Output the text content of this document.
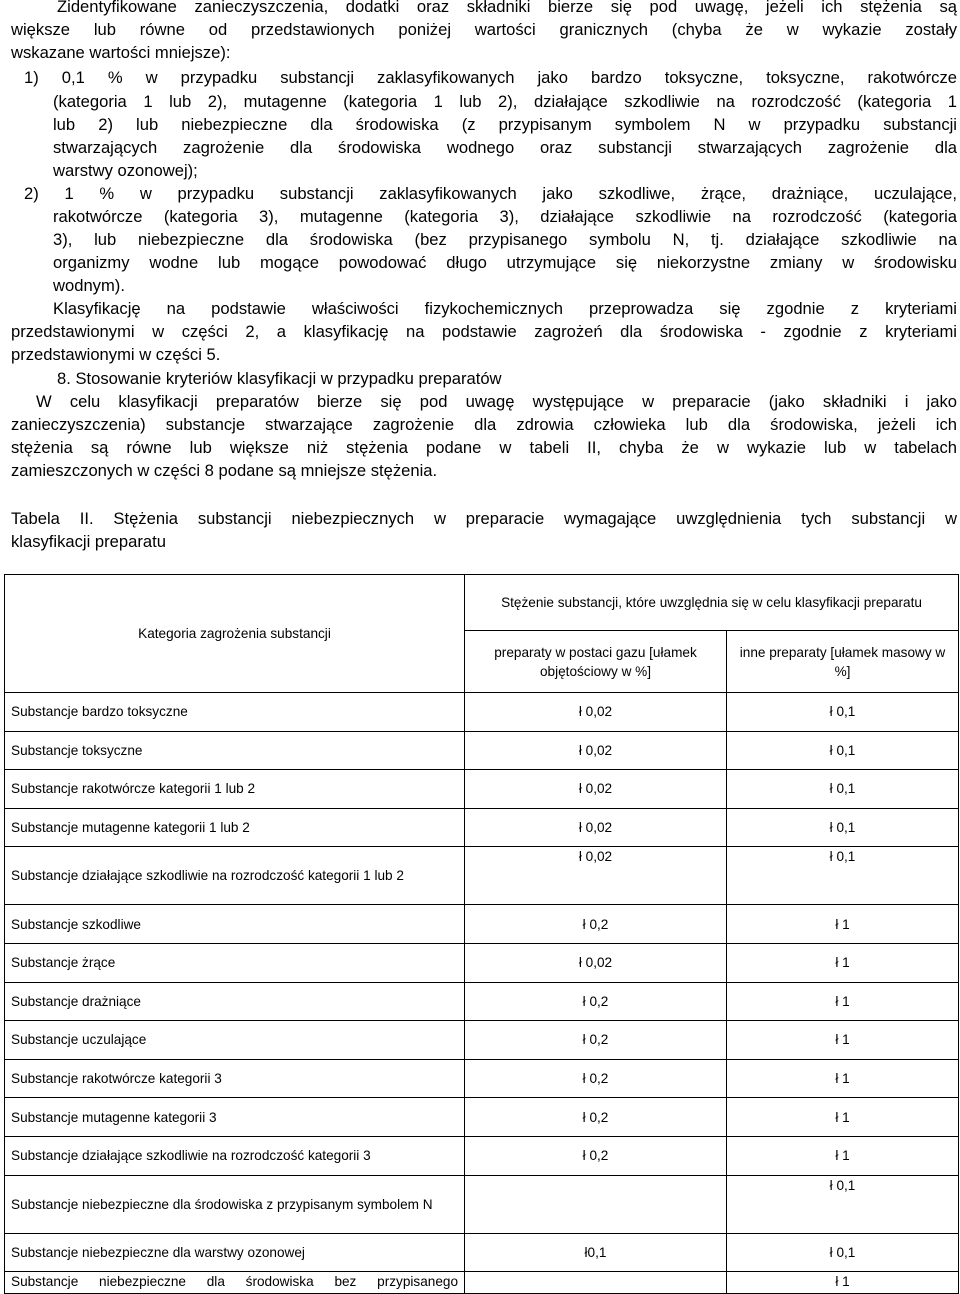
Zidentyfikowane zanieczyszczenia, dodatki oraz składniki bierze się pod uwagę, jeżeli ich stężenia są
większe lub równe od przedstawionych poniżej wartości granicznych (chyba że w wykazie zostały
wskazane wartości mniejsze):
1) 0,1 % w przypadku substancji zaklasyfikowanych jako bardzo toksyczne, toksyczne, rakotwórcze
(kategoria 1 lub 2), mutagenne (kategoria 1 lub 2), działające szkodliwie na rozrodczość (kategoria 1
lub 2) lub niebezpieczne dla środowiska (z przypisanym symbolem N w przypadku substancji
stwarzających zagrożenie dla środowiska wodnego oraz substancji stwarzających zagrożenie dla
warstwy ozonowej);
2) 1 % w przypadku substancji zaklasyfikowanych jako szkodliwe, żrące, drażniące, uczulające,
rakotwórcze (kategoria 3), mutagenne (kategoria 3), działające szkodliwie na rozrodczość (kategoria
3), lub niebezpieczne dla środowiska (bez przypisanego symbolu N, tj. działające szkodliwie na
organizmy wodne lub mogące powodować długo utrzymujące się niekorzystne zmiany w środowisku
wodnym).
Klasyfikację na podstawie właściwości fizykochemicznych przeprowadza się zgodnie z kryteriami
przedstawionymi w części 2, a klasyfikację na podstawie zagrożeń dla środowiska - zgodnie z kryteriami
przedstawionymi w części 5.
8. Stosowanie kryteriów klasyfikacji w przypadku preparatów
W celu klasyfikacji preparatów bierze się pod uwagę występujące w preparacie (jako składniki i jako
zanieczyszczenia) substancje stwarzające zagrożenie dla zdrowia człowieka lub dla środowiska, jeżeli ich
stężenia są równe lub większe niż stężenia podane w tabeli II, chyba że w wykazie lub w tabelach
zamieszczonych w części 8 podane są mniejsze stężenia.
Tabela II. Stężenia substancji niebezpiecznych w preparacie wymagające uwzględnienia tych substancji w
klasyfikacji preparatu
Kategoria zagrożenia substancji	Stężenie substancji, które uwzględnia się w celu klasyfikacji preparatu	
	preparaty w postaci gazu [ułamek objętościowy w %]	inne preparaty [ułamek masowy w %]
Substancje bardzo toksyczne	ł 0,02	ł 0,1
Substancje toksyczne	ł 0,02	ł 0,1
Substancje rakotwórcze kategorii 1 lub 2	ł 0,02	ł 0,1
Substancje mutagenne kategorii 1 lub 2	ł 0,02	ł 0,1
Substancje działające szkodliwie na rozrodczość kategorii 1 lub 2	ł 0,02	ł 0,1
Substancje szkodliwe	ł 0,2	ł 1
Substancje żrące	ł 0,02	ł 1
Substancje drażniące	ł 0,2	ł 1
Substancje uczulające	ł 0,2	ł 1
Substancje rakotwórcze kategorii 3	ł 0,2	ł 1
Substancje mutagenne kategorii 3	ł 0,2	ł 1
Substancje działające szkodliwie na rozrodczość kategorii 3	ł 0,2	ł 1
Substancje niebezpieczne dla środowiska z przypisanym symbolem N		ł 0,1
Substancje niebezpieczne dla warstwy ozonowej	ł0,1	ł 0,1
Substancje niebezpieczne dla środowiska bez przypisanego		ł 1
